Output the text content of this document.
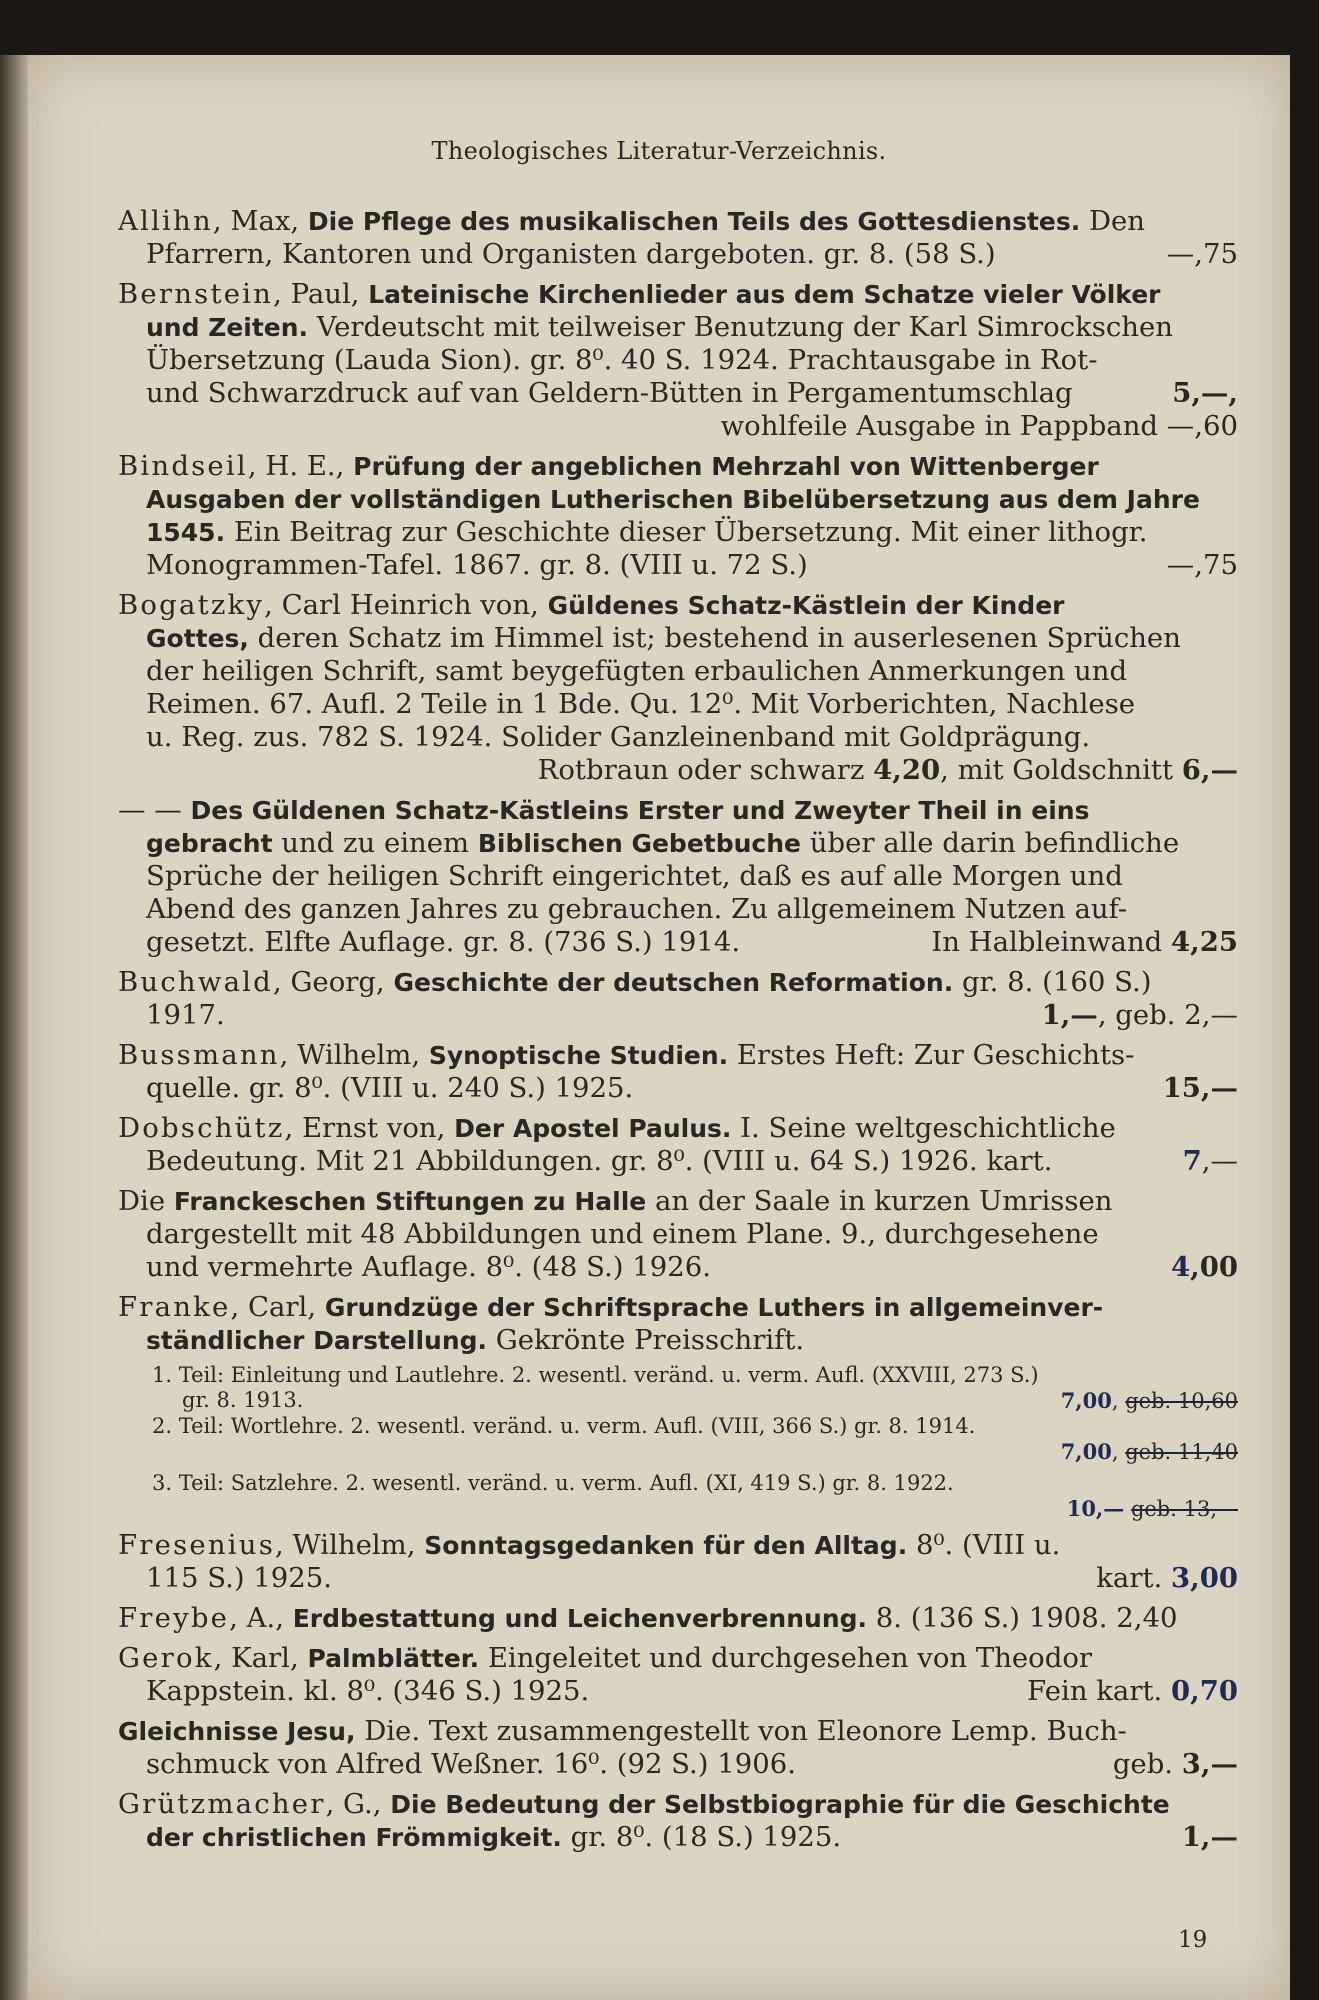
Theologisches Literatur-Verzeichnis.
Allihn, Max, Die Pflege des musikalischen Teils des Gottesdienstes. Den
Pfarrern, Kantoren und Organisten dargeboten. gr. 8. (58 S.)	—,75
Bernstein, Paul, Lateinische Kirchenlieder aus dem Schatze vieler Völker
und Zeiten. Verdeutscht mit teilweiser Benutzung der Karl Simrockschen
Übersetzung (Lauda Sion). gr. 8⁰. 40 S. 1924. Prachtausgabe in Rot-
und Schwarzdruck auf van Geldern-Bütten in Pergamentumschlag	5,—,
wohlfeile Ausgabe in Pappband —,60
Bindseil, H. E., Prüfung der angeblichen Mehrzahl von Wittenberger
Ausgaben der vollständigen Lutherischen Bibelübersetzung aus dem Jahre
1545. Ein Beitrag zur Geschichte dieser Übersetzung. Mit einer lithogr.
Monogrammen-Tafel. 1867. gr. 8. (VIII u. 72 S.)	—,75
Bogatzky, Carl Heinrich von, Güldenes Schatz-Kästlein der Kinder
Gottes, deren Schatz im Himmel ist; bestehend in auserlesenen Sprüchen
der heiligen Schrift, samt beygefügten erbaulichen Anmerkungen und
Reimen. 67. Aufl. 2 Teile in 1 Bde. Qu. 12⁰. Mit Vorberichten, Nachlese
u. Reg. zus. 782 S. 1924. Solider Ganzleinenband mit Goldprägung.
Rotbraun oder schwarz 4,20, mit Goldschnitt 6,—
— — Des Güldenen Schatz-Kästleins Erster und Zweyter Theil in eins
gebracht und zu einem Biblischen Gebetbuche über alle darin befindliche
Sprüche der heiligen Schrift eingerichtet, daß es auf alle Morgen und
Abend des ganzen Jahres zu gebrauchen. Zu allgemeinem Nutzen auf-
gesetzt. Elfte Auflage. gr. 8. (736 S.) 1914.	In Halbleinwand 4,25
Buchwald, Georg, Geschichte der deutschen Reformation. gr. 8. (160 S.)
1917.	1,—, geb. 2,—
Bussmann, Wilhelm, Synoptische Studien. Erstes Heft: Zur Geschichts-
quelle. gr. 8⁰. (VIII u. 240 S.) 1925.	15,—
Dobschütz, Ernst von, Der Apostel Paulus. I. Seine weltgeschichtliche
Bedeutung. Mit 21 Abbildungen. gr. 8⁰. (VIII u. 64 S.) 1926. kart.	7,—
Die Franckeschen Stiftungen zu Halle an der Saale in kurzen Umrissen
dargestellt mit 48 Abbildungen und einem Plane. 9., durchgesehene
und vermehrte Auflage. 8⁰. (48 S.) 1926.	4,00
Franke, Carl, Grundzüge der Schriftsprache Luthers in allgemeinver-
ständlicher Darstellung. Gekrönte Preisschrift.
1. Teil: Einleitung und Lautlehre. 2. wesentl. veränd. u. verm. Aufl. (XXVIII, 273 S.)
gr. 8. 1913.	7,00, geb. 10,60
2. Teil: Wortlehre. 2. wesentl. veränd. u. verm. Aufl. (VIII, 366 S.) gr. 8. 1914.
7,00, geb. 11,40
3. Teil: Satzlehre. 2. wesentl. veränd. u. verm. Aufl. (XI, 419 S.) gr. 8. 1922.
10,— geb. 13,—
Fresenius, Wilhelm, Sonntagsgedanken für den Alltag. 8⁰. (VIII u.
115 S.) 1925.	kart. 3,00
Freybe, A., Erdbestattung und Leichenverbrennung. 8. (136 S.) 1908. 2,40
Gerok, Karl, Palmblätter. Eingeleitet und durchgesehen von Theodor
Kappstein. kl. 8⁰. (346 S.) 1925.	Fein kart. 0,70
Gleichnisse Jesu, Die. Text zusammengestellt von Eleonore Lemp. Buch-
schmuck von Alfred Weßner. 16⁰. (92 S.) 1906.	geb. 3,—
Grützmacher, G., Die Bedeutung der Selbstbiographie für die Geschichte
der christlichen Frömmigkeit. gr. 8⁰. (18 S.) 1925.	1,—
19
